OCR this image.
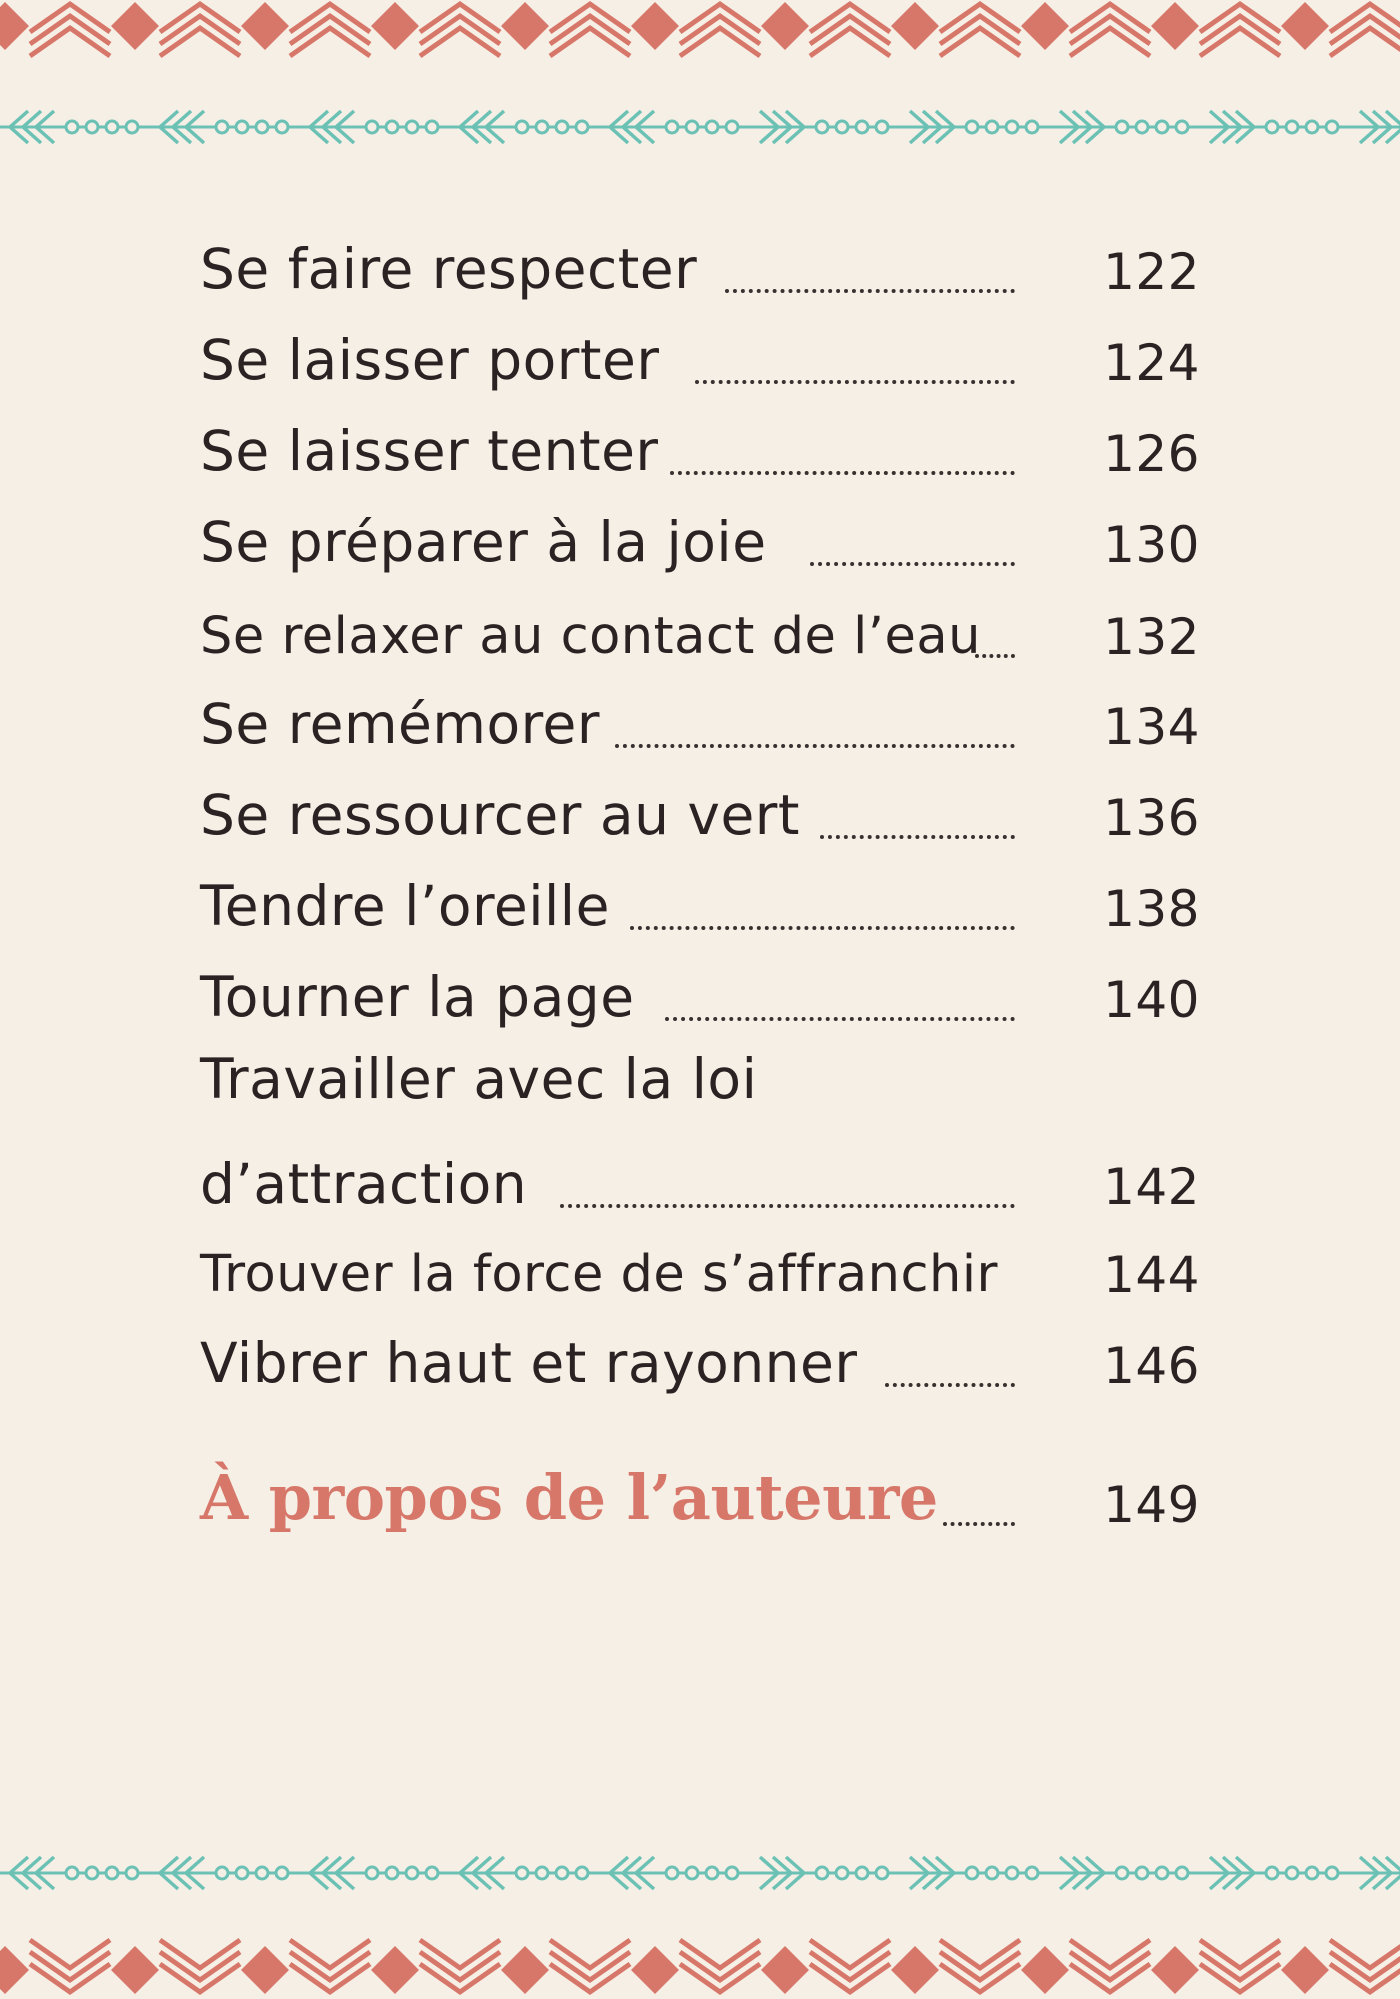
Se faire respecter	122
Se laisser porter	124
Se laisser tenter	126
Se préparer à la joie	130
Se relaxer au contact de l’eau	132
Se remémorer	134
Se ressourcer au vert	136
Tendre l’oreille	138
Tourner la page	140
Travailler avec la loi
d’attraction	142
Trouver la force de s’affranchir	144
Vibrer haut et rayonner	146
À propos de l’auteure	149
